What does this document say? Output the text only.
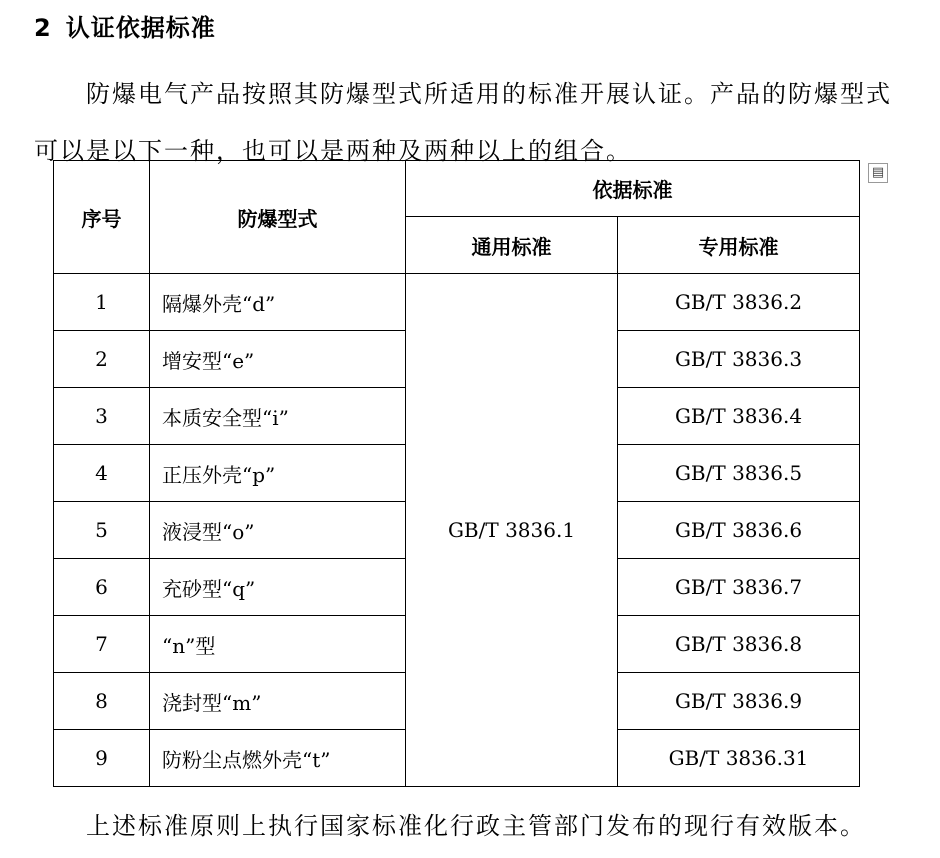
2 认证依据标准
防爆电气产品按照其防爆型式所适用的标准开展认证。产品的防爆型式可以是以下一种，也可以是两种及两种以上的组合。
▤
序号	防爆型式	依据标准	
		通用标准	专用标准
1	隔爆外壳“d”	GB/T 3836.1	GB/T 3836.2
2	增安型“e”		GB/T 3836.3
3	本质安全型“i”		GB/T 3836.4
4	正压外壳“p”		GB/T 3836.5
5	液浸型“o”		GB/T 3836.6
6	充砂型“q”		GB/T 3836.7
7	“n”型		GB/T 3836.8
8	浇封型“m”		GB/T 3836.9
9	防粉尘点燃外壳“t”		GB/T 3836.31
上述标准原则上执行国家标准化行政主管部门发布的现行有效版本。
